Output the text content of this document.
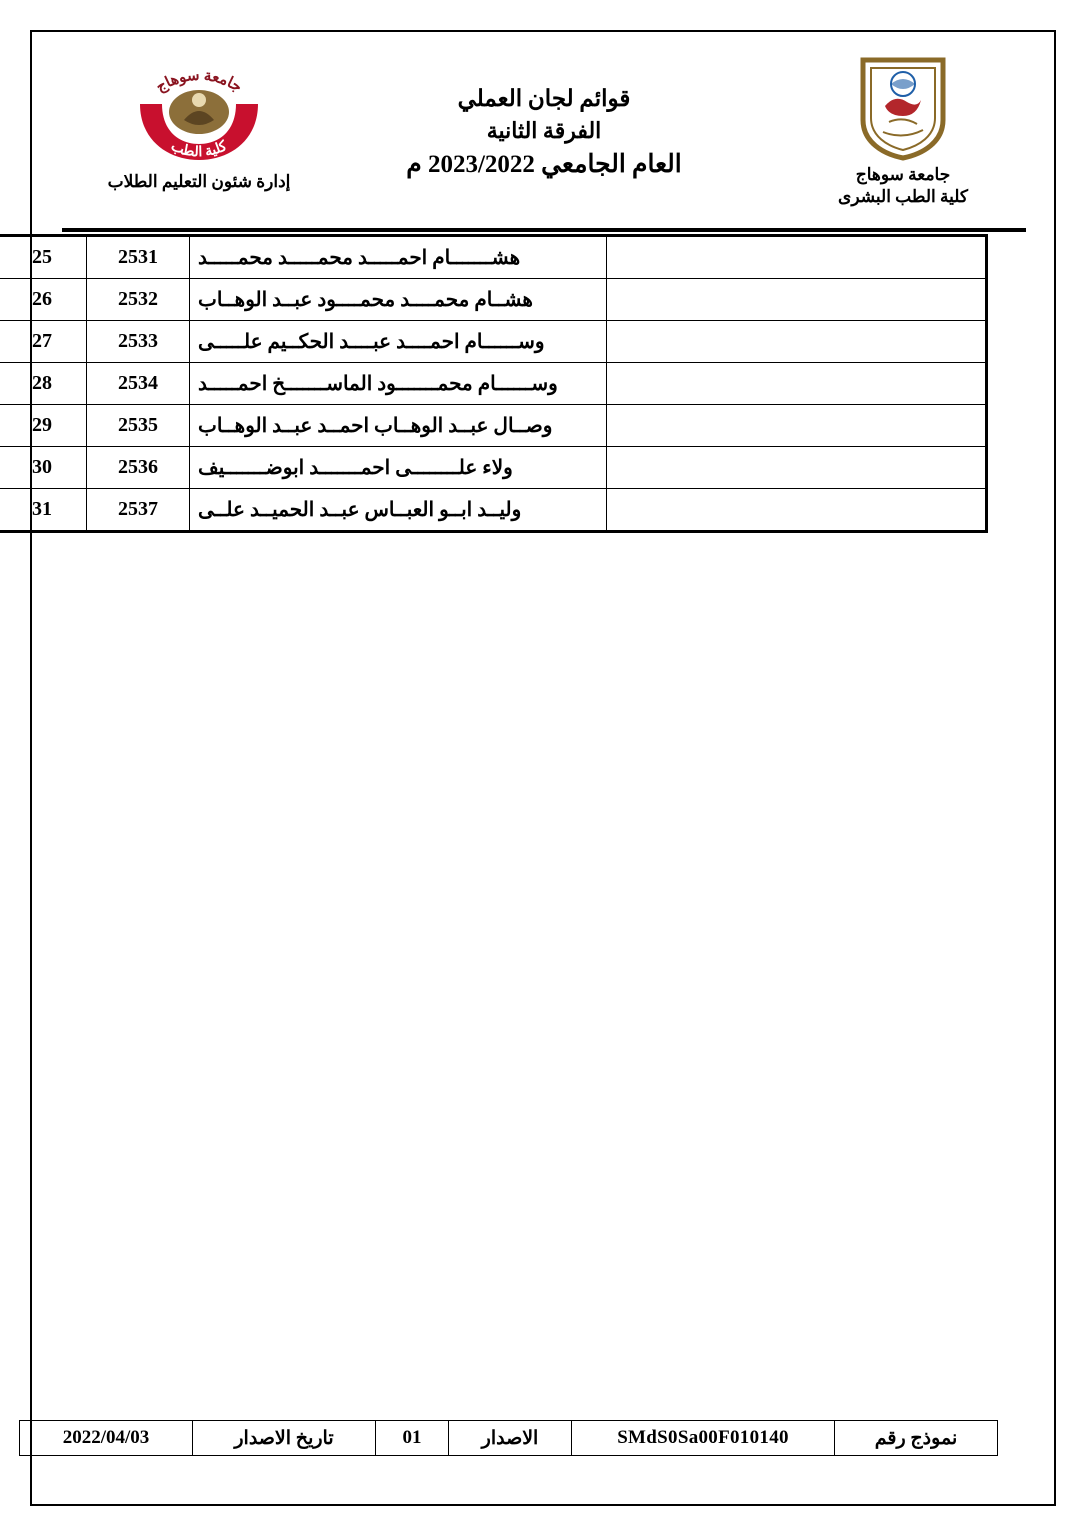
جامعة سوهاج
كلية الطب
إدارة شئون التعليم الطلاب
قوائم لجان العملي
الفرقة الثانية
العام الجامعي 2023/2022 م	جامعة سوهاج
كلية الطب البشرى
	هشـــــــام احمـــــد محمـــــد محمـــــد	2531	25
	هشــام محمــــد محمــــود عبــد الوهــاب	2532	26
	وســــــام احمــــد عبــــد الحكــيم علـــــى	2533	27
	وســــــام محمـــــــود الماســـــــخ احمـــــد	2534	28
	وصــال عبــد الوهــاب احمــد عبــد الوهــاب	2535	29
	ولاء علــــــــى احمـــــــد ابوضـــــــيف	2536	30
	وليــد ابــو العبــاس عبــد الحميــد علــى	2537	31
نموذج رقم	SMdS0Sa00F010140	الاصدار	01	تاريخ الاصدار	2022/04/03
